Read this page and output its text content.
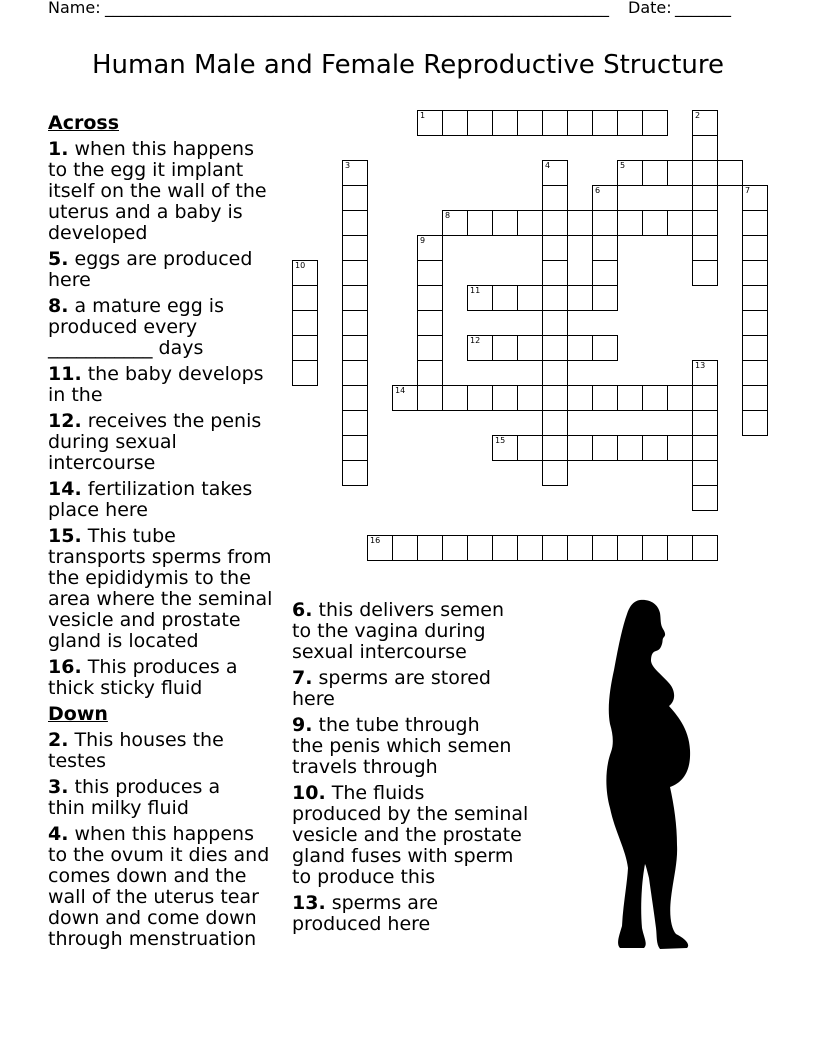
Name: _______________________________________________________________ Date: _______
Human Male and Female Reproductive Structure
1	2
3	4	5
6	7
8
9
10
11
12
13
14
15
16
Across
1. when this happens
to the egg it implant
itself on the wall of the
uterus and a baby is
developed
5. eggs are produced
here
8. a mature egg is
produced every
___________ days
11. the baby develops
in the
12. receives the penis
during sexual
intercourse
14. fertilization takes
place here
15. This tube
transports sperms from
the epididymis to the
area where the seminal
vesicle and prostate
gland is located
16. This produces a
thick sticky fluid
Down
2. This houses the
testes
3. this produces a
thin milky fluid
4. when this happens
to the ovum it dies and
comes down and the
wall of the uterus tear
down and come down
through menstruation
6. this delivers semen
to the vagina during
sexual intercourse
7. sperms are stored
here
9. the tube through
the penis which semen
travels through
10. The fluids
produced by the seminal
vesicle and the prostate
gland fuses with sperm
to produce this
13. sperms are
produced here
